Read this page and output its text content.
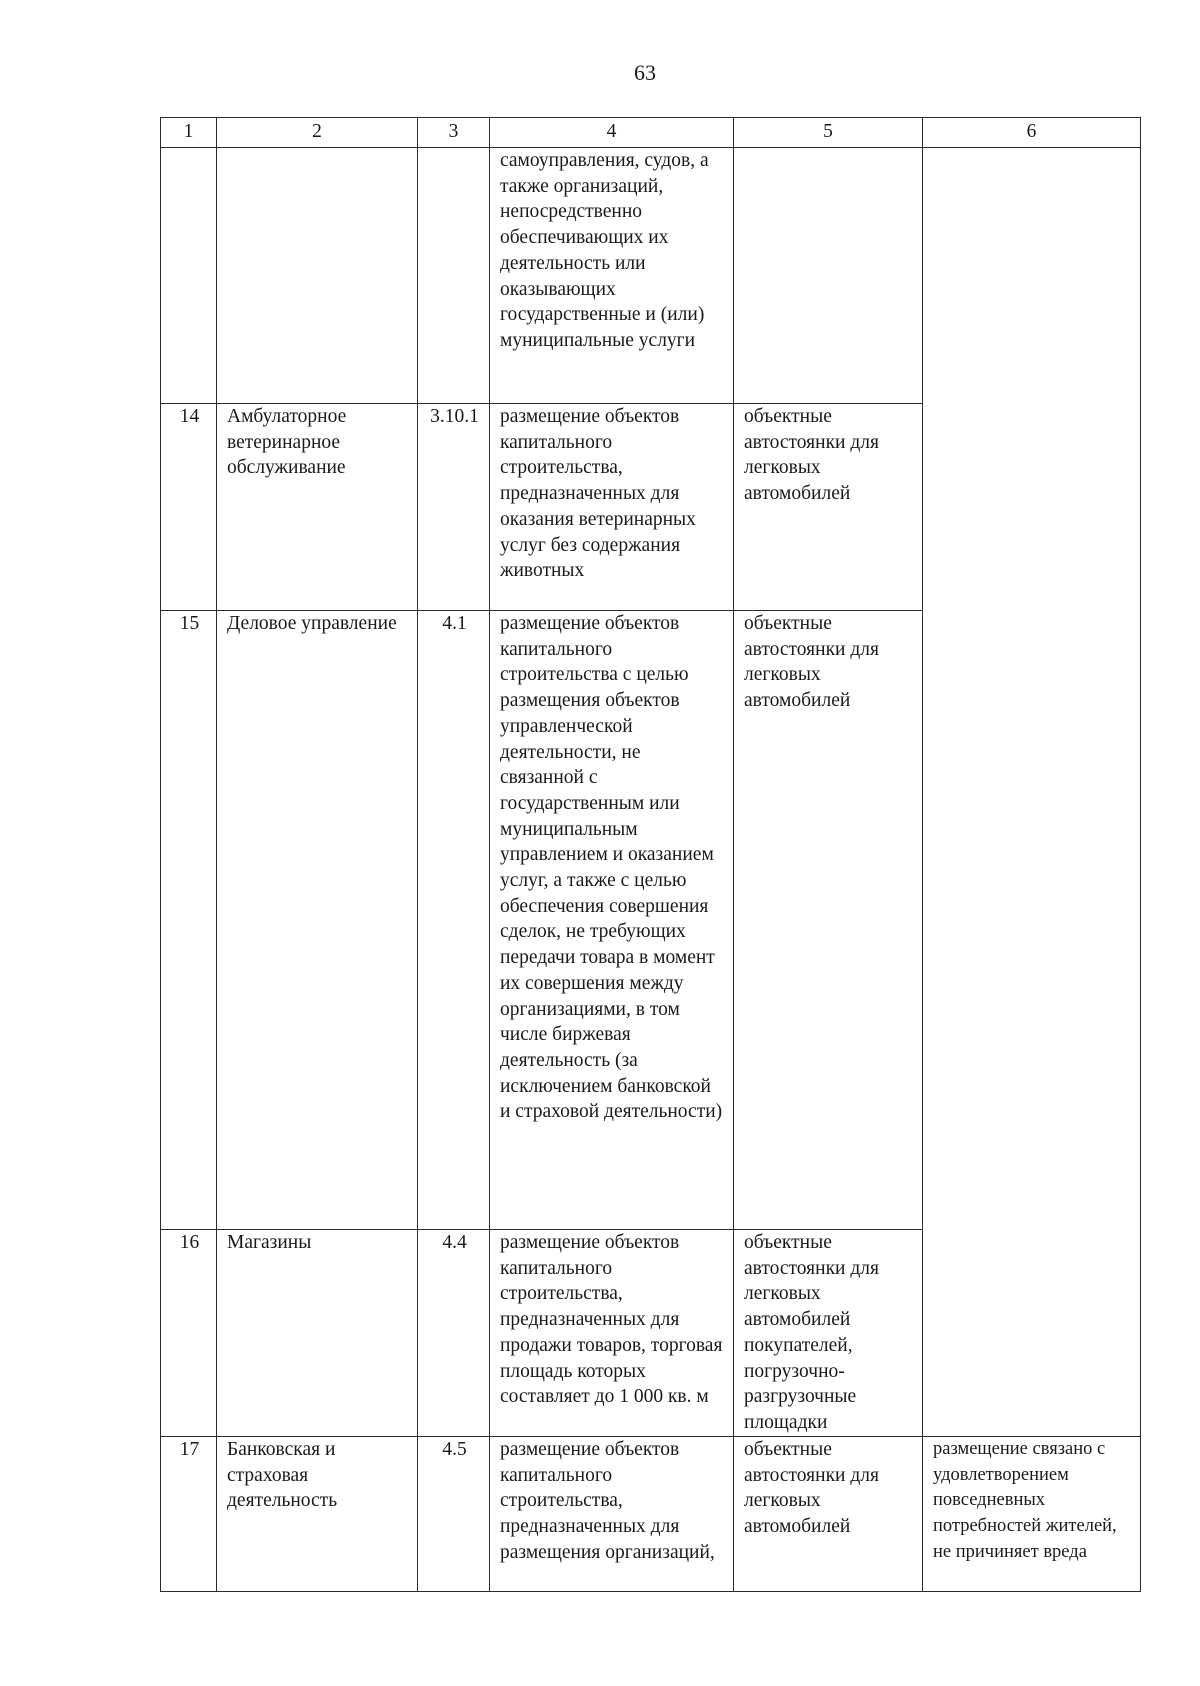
63
1	2	3	4	5	6
			самоуправления, судов, а также организаций, непосредственно обеспечивающих их деятельность или оказывающих государственные и (или) муниципальные услуги		
14	Амбулаторное ветеринарное обслуживание	3.10.1	размещение объектов капитального строительства, предназначенных для оказания ветеринарных услуг без содержания животных	объектные автостоянки для легковых автомобилей	
15	Деловое управление	4.1	размещение объектов капитального строительства с целью размещения объектов управленческой деятельности, не связанной с государственным или муниципальным управлением и оказанием услуг, а также с целью обеспечения совершения сделок, не требующих передачи товара в момент их совершения между организациями, в том числе биржевая деятельность (за исключением банковской и страховой деятельности)	объектные автостоянки для легковых автомобилей	
16	Магазины	4.4	размещение объектов капитального строительства, предназначенных для продажи товаров, торговая площадь которых составляет до 1 000 кв. м	объектные автостоянки для легковых автомобилей покупателей, погрузочно-разгрузочные площадки	
17	Банковская и страховая деятельность	4.5	размещение объектов капитального строительства, предназначенных для размещения организаций,	объектные автостоянки для легковых автомобилей	размещение связано с удовлетворением повседневных потребностей жителей, не причиняет вреда
